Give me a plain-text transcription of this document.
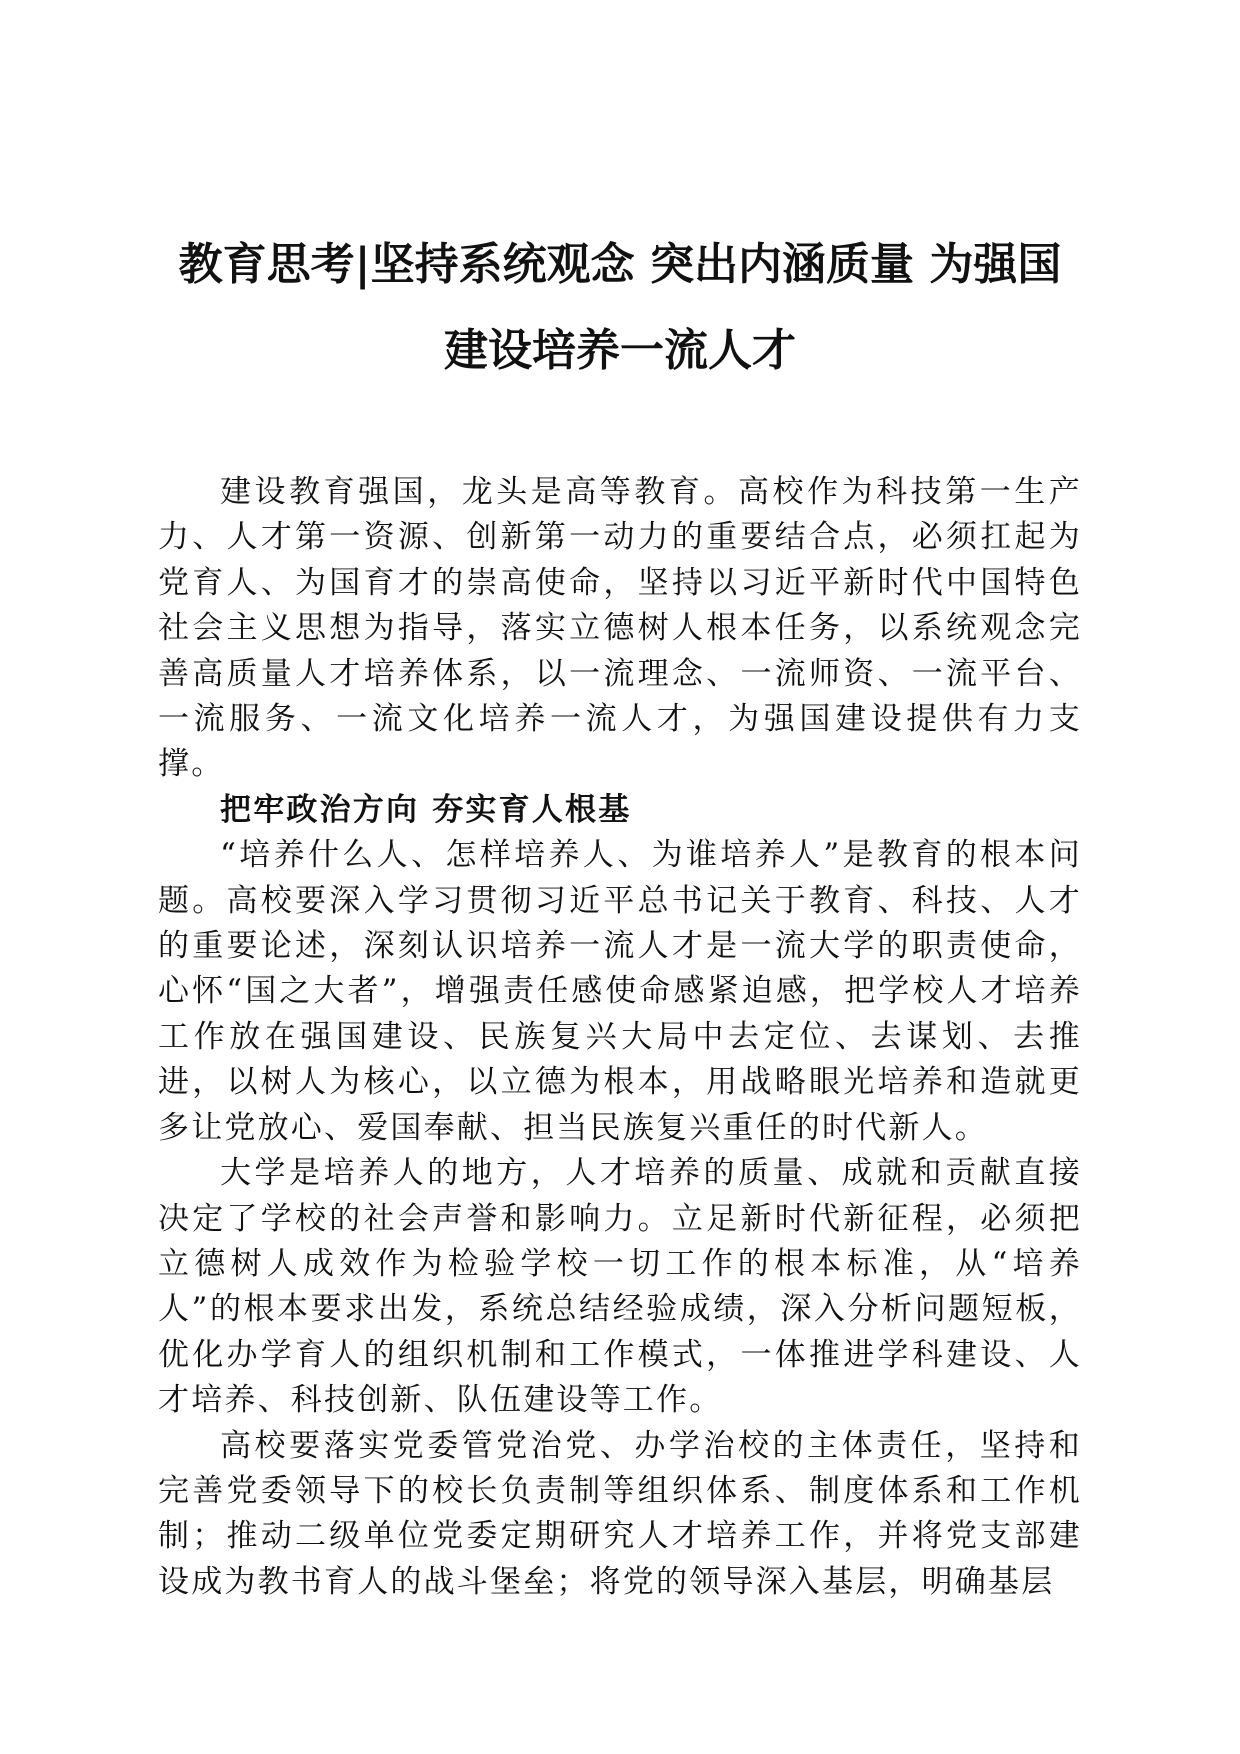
教育思考|坚持系统观念 突出内涵质量 为强国
建设培养一流人才

建设教育强国，龙头是高等教育。高校作为科技第一生产力、人才第一资源、创新第一动力的重要结合点，必须扛起为党育人、为国育才的崇高使命，坚持以习近平新时代中国特色社会主义思想为指导，落实立德树人根本任务，以系统观念完善高质量人才培养体系，以一流理念、一流师资、一流平台、一流服务、一流文化培养一流人才，为强国建设提供有力支撑。

把牢政治方向 夯实育人根基

“培养什么人、怎样培养人、为谁培养人”是教育的根本问题。高校要深入学习贯彻习近平总书记关于教育、科技、人才的重要论述，深刻认识培养一流人才是一流大学的职责使命，心怀“国之大者”，增强责任感使命感紧迫感，把学校人才培养工作放在强国建设、民族复兴大局中去定位、去谋划、去推进，以树人为核心，以立德为根本，用战略眼光培养和造就更多让党放心、爱国奉献、担当民族复兴重任的时代新人。

大学是培养人的地方，人才培养的质量、成就和贡献直接决定了学校的社会声誉和影响力。立足新时代新征程，必须把立德树人成效作为检验学校一切工作的根本标准，从“培养人”的根本要求出发，系统总结经验成绩，深入分析问题短板，优化办学育人的组织机制和工作模式，一体推进学科建设、人才培养、科技创新、队伍建设等工作。

高校要落实党委管党治党、办学治校的主体责任，坚持和完善党委领导下的校长负责制等组织体系、制度体系和工作机制；推动二级单位党委定期研究人才培养工作，并将党支部建设成为教书育人的战斗堡垒；将党的领导深入基层，明确基层
